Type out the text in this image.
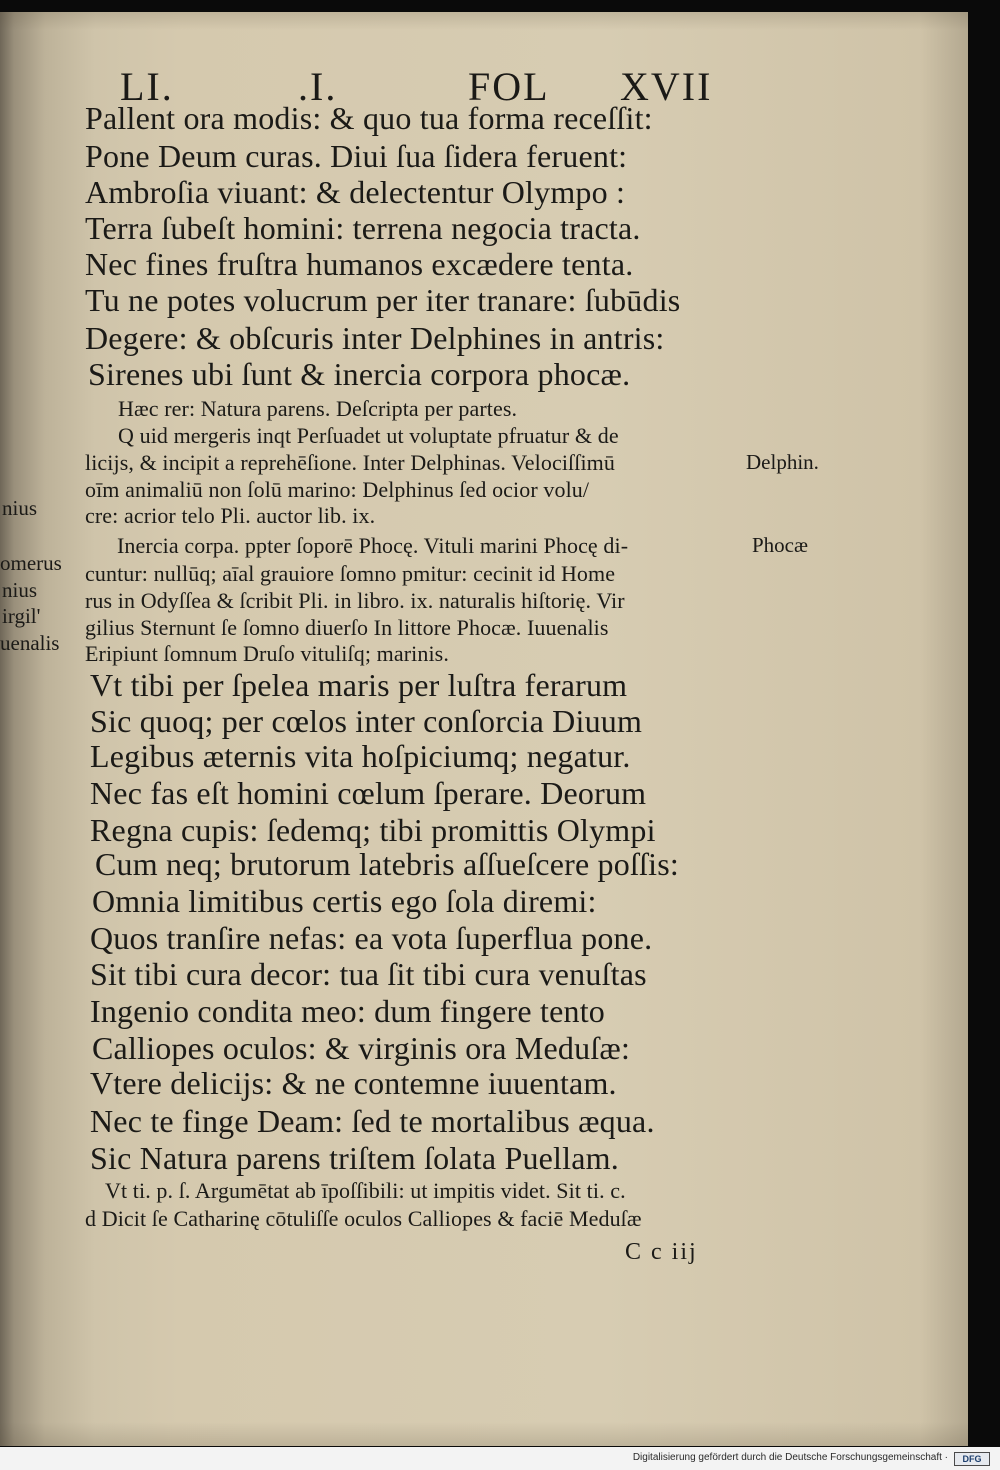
LI.	.I.	FOL XVII
Pallent ora modis: & quo tua forma receſſit:
Pone Deum curas. Diui ſua ſidera feruent:
Ambroſia viuant: & delectentur Olympo :
Terra ſubeſt homini: terrena negocia tracta.
Nec fines fruſtra humanos excædere tenta.
Tu ne potes volucrum per iter tranare: ſubūdis
Degere: & obſcuris inter Delphines in antris:
Sirenes ubi ſunt & inercia corpora phocæ.
Hæc rer: Natura parens. Deſcripta per partes.
Q uid mergeris inqt Perſuadet ut voluptate pfruatur & de
licijs, & incipit a reprehēſione. Inter Delphinas. Velociſſimū
oīm animaliū non ſolū marino: Delphinus ſed ocior volu/
cre: acrior telo Pli. auctor lib. ix.
Inercia corpa. ppter ſoporē Phocę. Vituli marini Phocę di-
cuntur: nullūq; aīal grauiore ſomno pmitur: cecinit id Home
rus in Odyſſea & ſcribit Pli. in libro. ix. naturalis hiſtorię. Vir
gilius Sternunt ſe ſomno diuerſo In littore Phocæ. Iuuenalis
Eripiunt ſomnum Druſo vituliſq; marinis.
nius
omerus
nius
irgil'
uenalis
Delphin.
Phocæ
Vt tibi per ſpelea maris per luſtra ferarum
Sic quoq; per cœlos inter conſorcia Diuum
Legibus æternis vita hoſpiciumq; negatur.
Nec fas eſt homini cœlum ſperare. Deorum
Regna cupis: ſedemq; tibi promittis Olympi
Cum neq; brutorum latebris aſſueſcere poſſis:
Omnia limitibus certis ego ſola diremi:
Quos tranſire nefas: ea vota ſuperflua pone.
Sit tibi cura decor: tua ſit tibi cura venuſtas
Ingenio condita meo: dum fingere tento
Calliopes oculos: & virginis ora Meduſæ:
Vtere delicijs: & ne contemne iuuentam.
Nec te finge Deam: ſed te mortalibus æqua.
Sic Natura parens triſtem ſolata Puellam.
Vt ti. p. ſ. Argumētat ab īpoſſibili: ut impitis videt. Sit ti. c.
d Dicit ſe Catharinę cōtuliſſe oculos Calliopes & faciē Meduſæ
C c iij
Digitalisierung gefördert durch die Deutsche Forschungsgemeinschaft ·	DFG
